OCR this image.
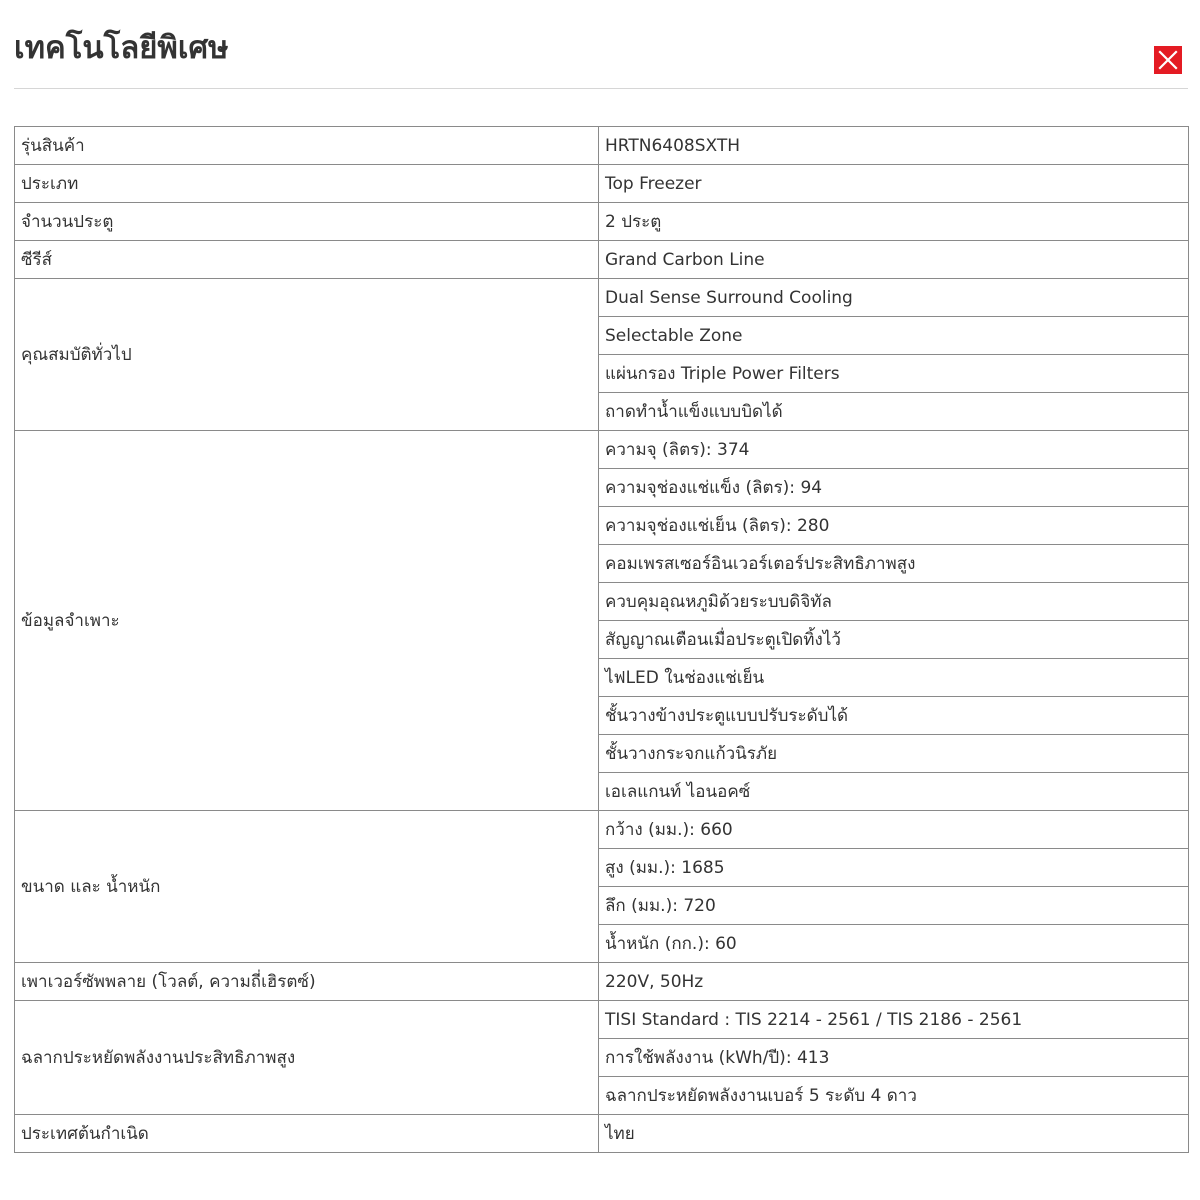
เทคโนโลยีพิเศษ
รุ่นสินค้า	HRTN6408SXTH
ประเภท	Top Freezer
จำนวนประตู	2 ประตู
ซีรีส์	Grand Carbon Line
คุณสมบัติทั่วไป	Dual Sense Surround Cooling
	Selectable Zone
	แผ่นกรอง Triple Power Filters
	ถาดทำน้ำแข็งแบบบิดได้
ข้อมูลจำเพาะ	ความจุ (ลิตร): 374
	ความจุช่องแช่แข็ง (ลิตร): 94
	ความจุช่องแช่เย็น (ลิตร): 280
	คอมเพรสเซอร์อินเวอร์เตอร์ประสิทธิภาพสูง
	ควบคุมอุณหภูมิด้วยระบบดิจิทัล
	สัญญาณเตือนเมื่อประตูเปิดทิ้งไว้
	ไฟLED ในช่องแช่เย็น
	ชั้นวางข้างประตูแบบปรับระดับได้
	ชั้นวางกระจกแก้วนิรภัย
	เอเลแกนท์ ไอนอคซ์
ขนาด และ น้ำหนัก	กว้าง (มม.): 660
	สูง (มม.): 1685
	ลึก (มม.): 720
	น้ำหนัก (กก.): 60
เพาเวอร์ซัพพลาย (โวลต์, ความถี่เฮิรตซ์)	220V, 50Hz
ฉลากประหยัดพลังงานประสิทธิภาพสูง	TISI Standard : TIS 2214 - 2561 / TIS 2186 - 2561
	การใช้พลังงาน (kWh/ปี): 413
	ฉลากประหยัดพลังงานเบอร์ 5 ระดับ 4 ดาว
ประเทศต้นกำเนิด	ไทย
